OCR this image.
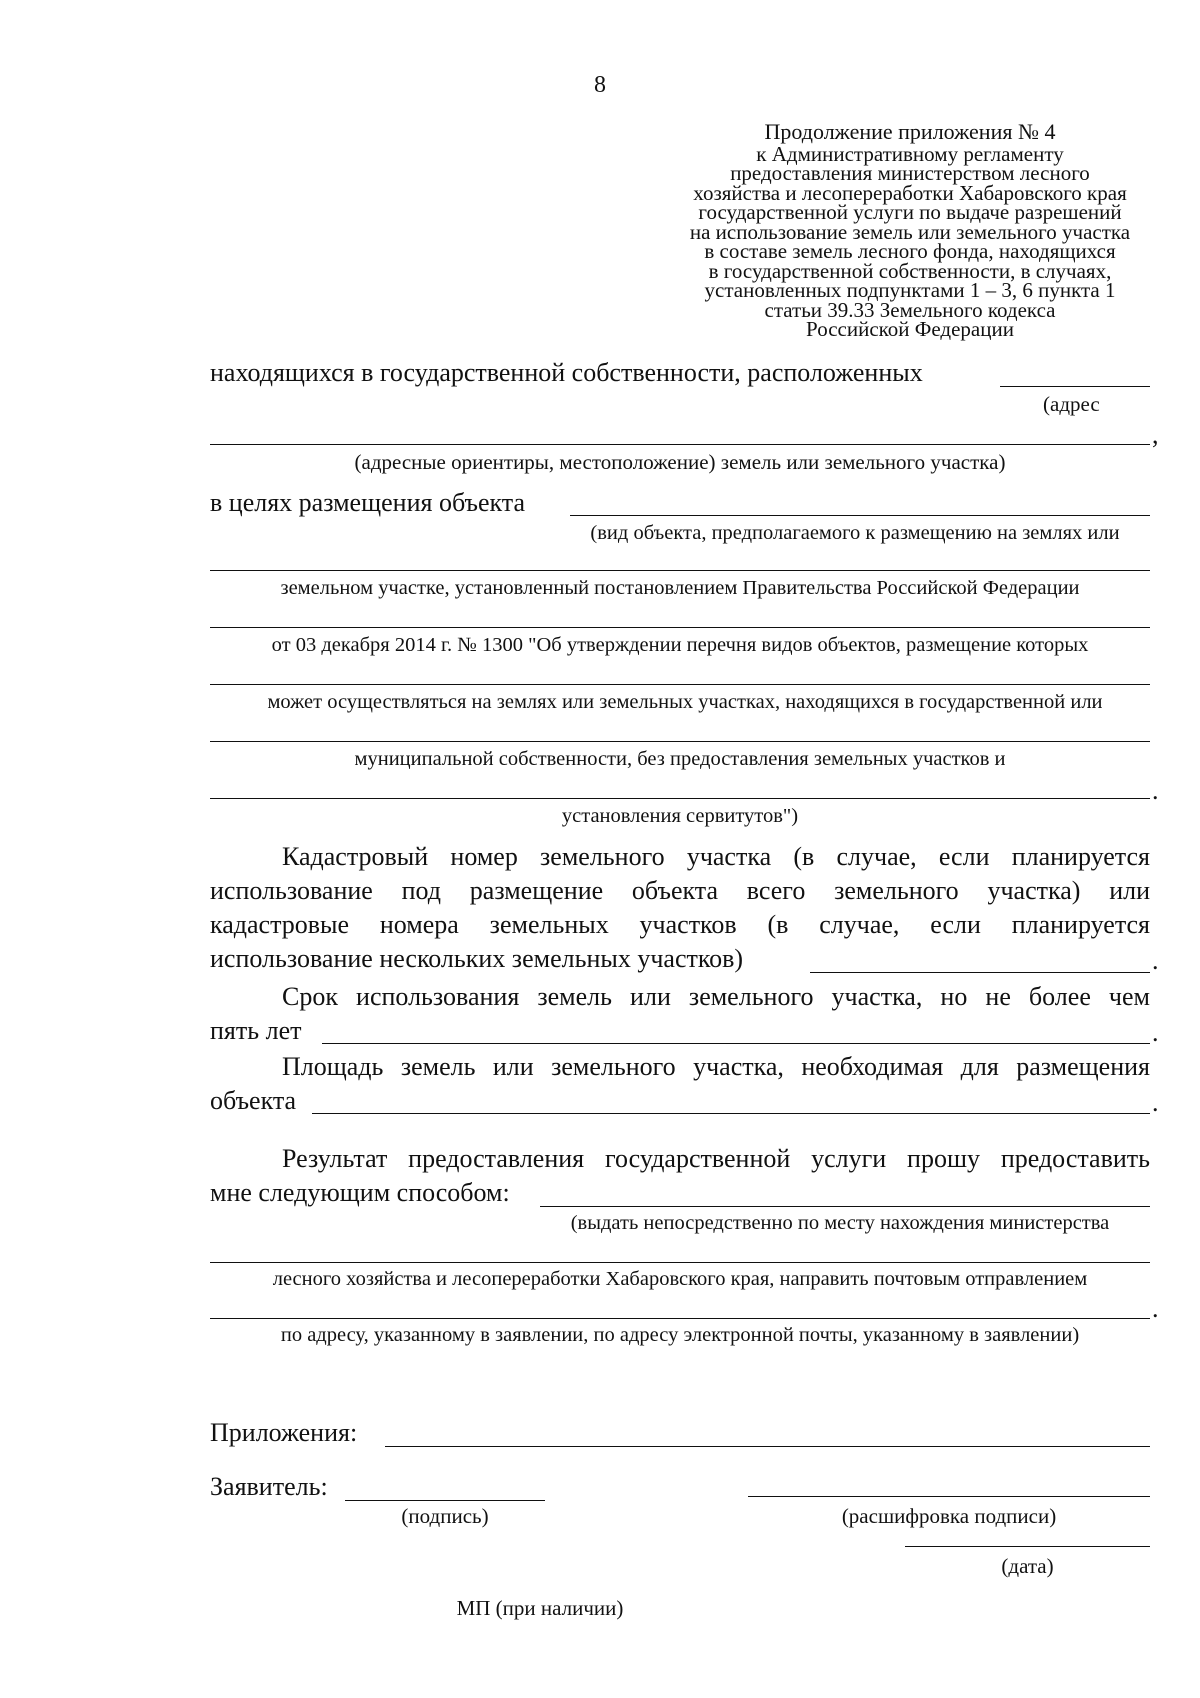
8
Продолжение приложения № 4
к Административному регламенту
предоставления министерством лесного
хозяйства и лесопереработки Хабаровского края
государственной услуги по выдаче разрешений
на использование земель или земельного участка
в составе земель лесного фонда, находящихся
в государственной собственности, в случаях,
установленных подпунктами 1 – 3, 6 пункта 1
статьи 39.33 Земельного кодекса
Российской Федерации
находящихся в государственной собственности, расположенных
(адрес
,
(адресные ориентиры, местоположение) земель или земельного участка)
в целях размещения объекта
(вид объекта, предполагаемого к размещению на землях или
земельном участке, установленный постановлением Правительства Российской Федерации
от 03 декабря 2014 г. № 1300 "Об утверждении перечня видов объектов, размещение которых
может осуществляться на землях или земельных участках, находящихся в государственной или
муниципальной собственности, без предоставления земельных участков и
.
установления сервитутов")
Кадастровый номер земельного участка (в случае, если планируется
использование под размещение объекта всего земельного участка) или
кадастровые номера земельных участков (в случае, если планируется
использование нескольких земельных участков)	.
Срок использования земель или земельного участка, но не более чем
пять лет	.
Площадь земель или земельного участка, необходимая для размещения
объекта	.
Результат предоставления государственной услуги прошу предоставить
мне следующим способом:
(выдать непосредственно по месту нахождения министерства
лесного хозяйства и лесопереработки Хабаровского края, направить почтовым отправлением
.
по адресу, указанному в заявлении, по адресу электронной почты, указанному в заявлении)
Приложения:
Заявитель:
(подпись)	(расшифровка подписи)
(дата)
МП (при наличии)
